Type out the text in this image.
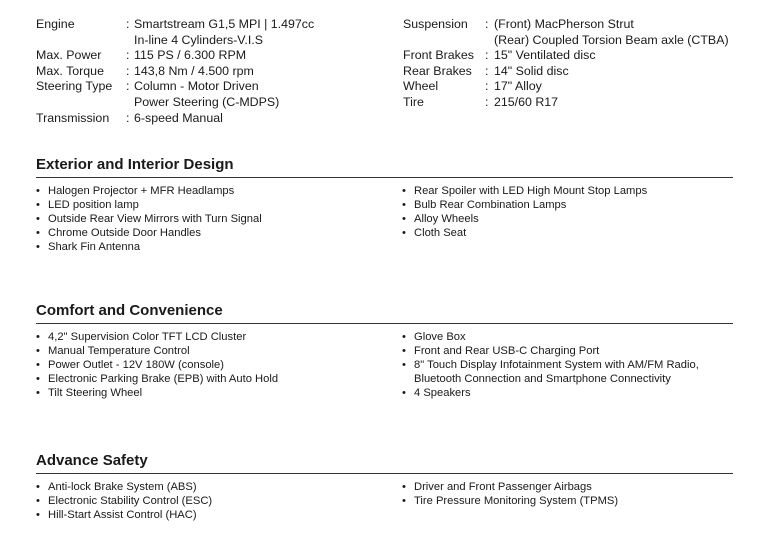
Engine	: Smartstream G1,5 MPI | 1.497cc
In-line 4 Cylinders-V.I.S
Max. Power	: 115 PS / 6.300 RPM
Max. Torque	: 143,8 Nm / 4.500 rpm
Steering Type	: Column - Motor Driven
Power Steering (C-MDPS)
Transmission	: 6-speed Manual
Suspension	: (Front) MacPherson Strut
(Rear) Coupled Torsion Beam axle (CTBA)
Front Brakes : 15" Ventilated disc
Rear Brakes	: 14" Solid disc
Wheel	: 17" Alloy
Tire	: 215/60 R17
Exterior and Interior Design
• Halogen Projector + MFR Headlamps
• LED position lamp
• Outside Rear View Mirrors with Turn Signal
• Chrome Outside Door Handles
• Shark Fin Antenna
• Rear Spoiler with LED High Mount Stop Lamps
• Bulb Rear Combination Lamps
• Alloy Wheels
• Cloth Seat
Comfort and Convenience
• 4,2" Supervision Color TFT LCD Cluster
• Manual Temperature Control
• Power Outlet - 12V 180W (console)
• Electronic Parking Brake (EPB) with Auto Hold
• Tilt Steering Wheel
• Glove Box
• Front and Rear USB-C Charging Port
• 8" Touch Display Infotainment System with AM/FM Radio,
Bluetooth Connection and Smartphone Connectivity
• 4 Speakers
Advance Safety
• Anti-lock Brake System (ABS)
• Electronic Stability Control (ESC)
• Hill-Start Assist Control (HAC)
• Driver and Front Passenger Airbags
• Tire Pressure Monitoring System (TPMS)
